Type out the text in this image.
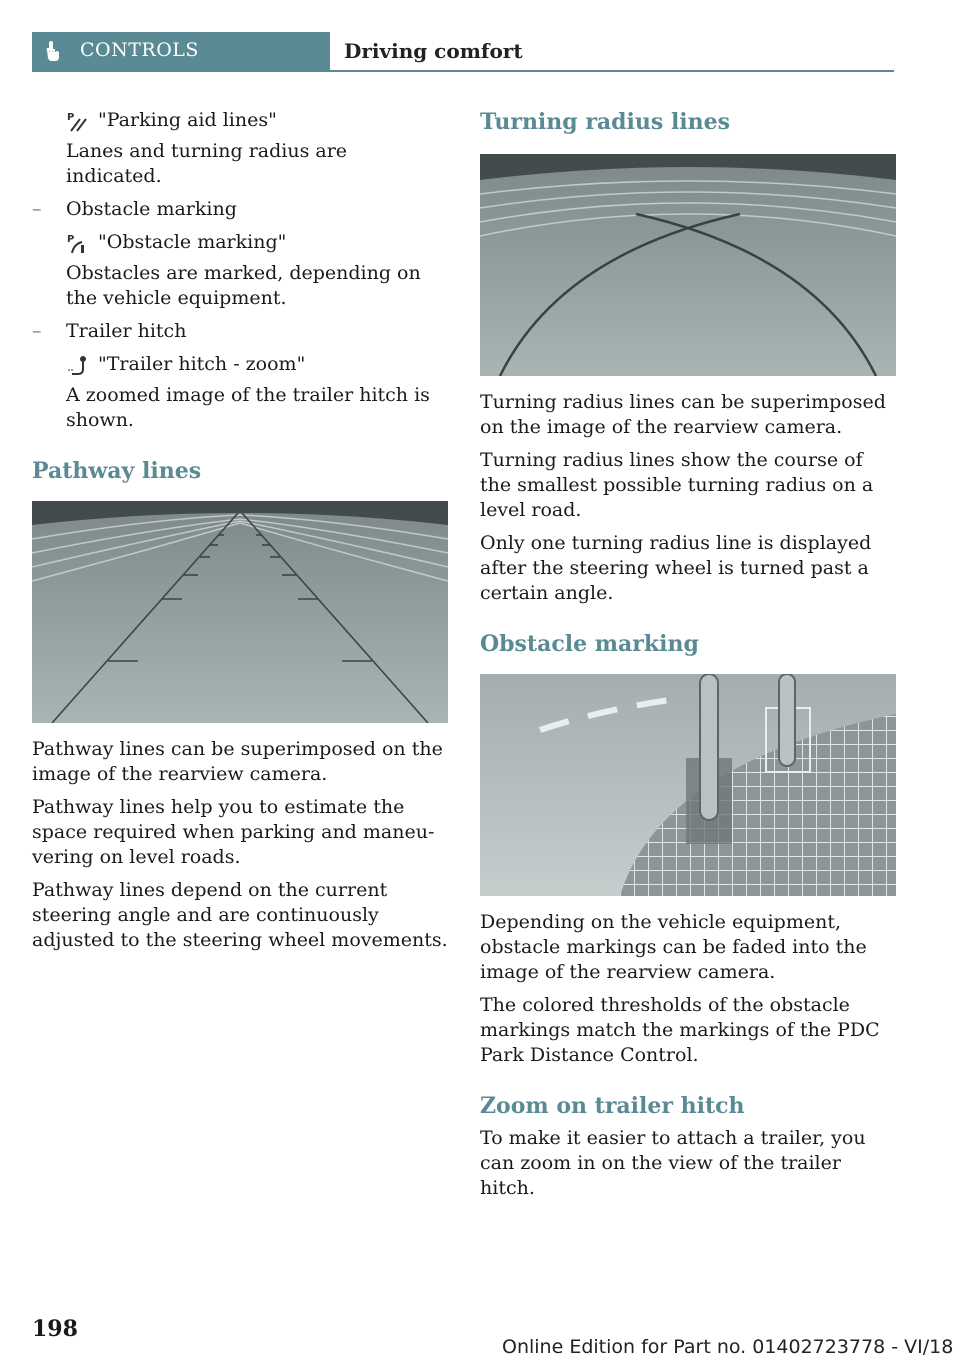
CONTROLS	Driving comfort
P "Parking aid lines"

Lanes and turning radius are indicated.

– Obstacle marking

P "Obstacle marking"

Obstacles are marked, depending on the vehicle equipment.

– Trailer hitch

"Trailer hitch - zoom"

A zoomed image of the trailer hitch is shown.

Pathway lines

Pathway lines can be superimposed on the image of the rearview camera.

Pathway lines help you to estimate the space required when parking and maneuvering on level roads.

Pathway lines depend on the current steering angle and are continuously adjusted to the steering wheel movements.

Turning radius lines

Turning radius lines can be superimposed on the image of the rearview camera.

Turning radius lines show the course of the smallest possible turning radius on a level road.

Only one turning radius line is displayed after the steering wheel is turned past a certain angle.

Obstacle marking

Depending on the vehicle equipment, obstacle markings can be faded into the image of the rearview camera.

The colored thresholds of the obstacle markings match the markings of the PDC Park Distance Control.

Zoom on trailer hitch

To make it easier to attach a trailer, you can zoom in on the view of the trailer hitch.

198
Online Edition for Part no. 01402723778 - VI/18
